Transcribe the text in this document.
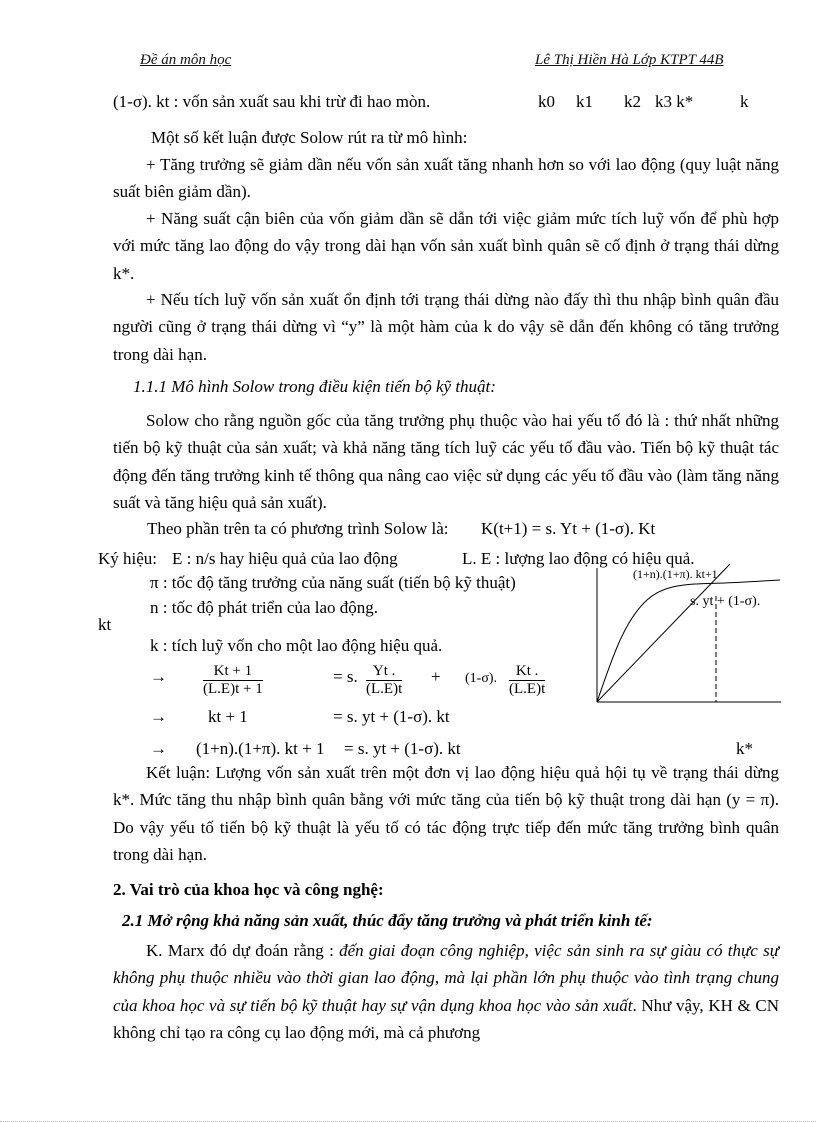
Đề án môn học	Lê Thị Hiền Hà Lớp KTPT 44B
(1-σ). kt : vốn sản xuất sau khi trừ đi hao mòn.	k0 k1 k2 k3 k*	k
Một số kết luận được Solow rút ra từ mô hình:
+ Tăng trưởng sẽ giảm dần nếu vốn sản xuất tăng nhanh hơn so với lao động (quy luật năng suất biên giảm dần).
+ Năng suất cận biên của vốn giảm dần sẽ dẫn tới việc giảm mức tích luỹ vốn để phù hợp với mức tăng lao động do vậy trong dài hạn vốn sản xuất bình quân sẽ cố định ở trạng thái dừng k*.
+ Nếu tích luỹ vốn sản xuất ổn định tới trạng thái dừng nào đấy thì thu nhập bình quân đầu người cũng ở trạng thái dừng vì “y” là một hàm của k do vậy sẽ dẫn đến không có tăng trưởng trong dài hạn.
1.1.1 Mô hình Solow trong điều kiện tiến bộ kỹ thuật:
Solow cho rằng nguồn gốc của tăng trưởng phụ thuộc vào hai yếu tố đó là : thứ nhất những tiến bộ kỹ thuật của sản xuất; và khả năng tăng tích luỹ các yếu tố đầu vào. Tiến bộ kỹ thuật tác động đến tăng trưởng kinh tế thông qua nâng cao việc sử dụng các yếu tố đầu vào (làm tăng năng suất và tăng hiệu quả sản xuất).
Theo phần trên ta có phương trình Solow là: K(t+1) = s. Yt + (1-σ). Kt
Ký hiệu: E : n/s hay hiệu quả của lao động	L. E : lượng lao động có hiệu quả.
π : tốc độ tăng trưởng của năng suất (tiến bộ kỹ thuật)
n : tốc độ phát triển của lao động.
k : tích luỹ vốn cho một lao động hiệu quả.
→ $\frac{Kt + 1}{(L.E)t + 1}$	= s. $\frac{Yt .}{(L.E)t} + (1-\sigma)$. $\frac{Kt .}{(L.E)t}$
→ kt + 1	= s. yt + (1-σ). kt
→ (1+n).(1+π). kt + 1 = s. yt + (1-σ). kt
kt
(1+n).(1+π). kt+1
s. yt + (1-σ).
k*
Kết luận: Lượng vốn sản xuất trên một đơn vị lao động hiệu quả hội tụ về trạng thái dừng k*. Mức tăng thu nhập bình quân bằng với mức tăng của tiến bộ kỹ thuật trong dài hạn (y = π). Do vậy yếu tố tiến bộ kỹ thuật là yếu tố có tác động trực tiếp đến mức tăng trưởng bình quân trong dài hạn.
2. Vai trò của khoa học và công nghệ:
2.1 Mở rộng khả năng sản xuất, thúc đẩy tăng trưởng và phát triển kinh tế:
K. Marx đó dự đoán rằng : đến giai đoạn công nghiệp, việc sản sinh ra sự giàu có thực sự không phụ thuộc nhiều vào thời gian lao động, mà lại phần lớn phụ thuộc vào tình trạng chung của khoa học và sự tiến bộ kỹ thuật hay sự vận dụng khoa học vào sản xuất. Như vậy, KH & CN không chỉ tạo ra công cụ lao động mới, mà cả phương
